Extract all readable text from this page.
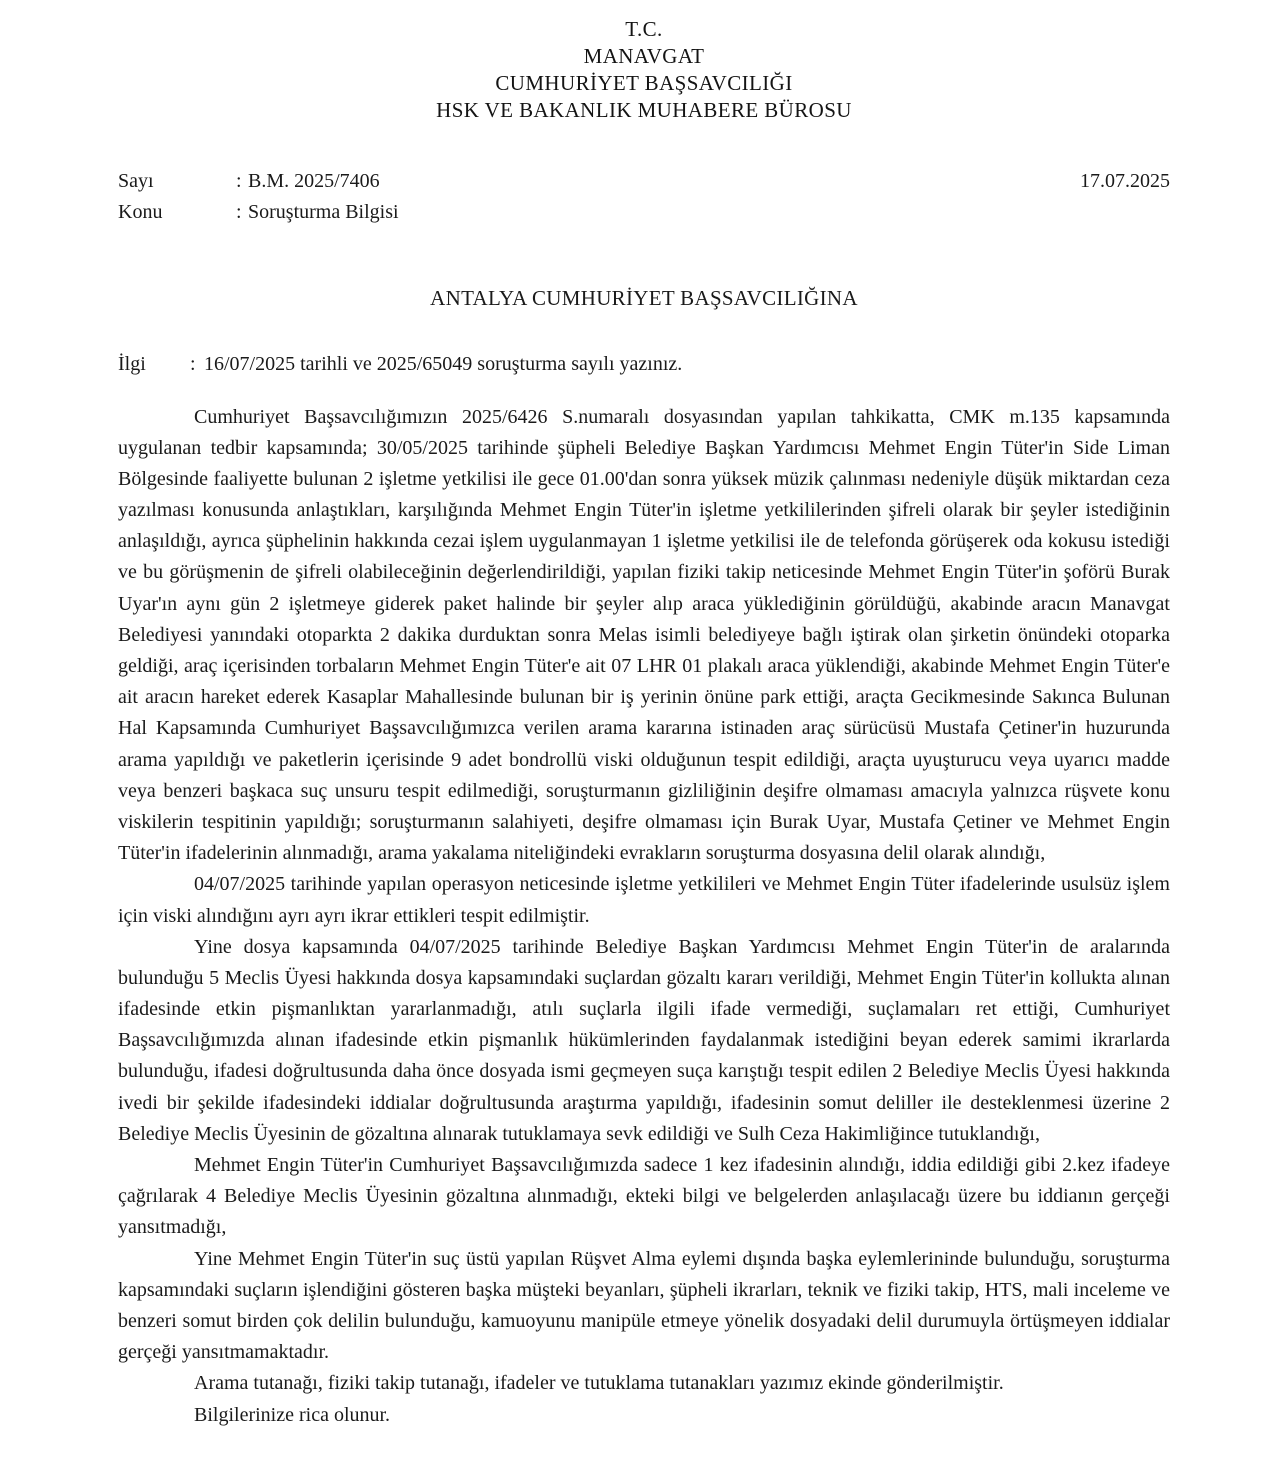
T.C.
MANAVGAT
CUMHURİYET BAŞSAVCILIĞI
HSK VE BAKANLIK MUHABERE BÜROSU
Sayı	: B.M. 2025/7406
Konu	: Soruşturma Bilgisi
17.07.2025
ANTALYA CUMHURİYET BAŞSAVCILIĞINA
İlgi	: 16/07/2025 tarihli ve 2025/65049 soruşturma sayılı yazınız.

Cumhuriyet Başsavcılığımızın 2025/6426 S.numaralı dosyasından yapılan tahkikatta, CMK m.135 kapsamında uygulanan tedbir kapsamında; 30/05/2025 tarihinde şüpheli Belediye Başkan Yardımcısı Mehmet Engin Tüter'in Side Liman Bölgesinde faaliyette bulunan 2 işletme yetkilisi ile gece 01.00'dan sonra yüksek müzik çalınması nedeniyle düşük miktardan ceza yazılması konusunda anlaştıkları, karşılığında Mehmet Engin Tüter'in işletme yetkililerinden şifreli olarak bir şeyler istediğinin anlaşıldığı, ayrıca şüphelinin hakkında cezai işlem uygulanmayan 1 işletme yetkilisi ile de telefonda görüşerek oda kokusu istediği ve bu görüşmenin de şifreli olabileceğinin değerlendirildiği, yapılan fiziki takip neticesinde Mehmet Engin Tüter'in şoförü Burak Uyar'ın aynı gün 2 işletmeye giderek paket halinde bir şeyler alıp araca yüklediğinin görüldüğü, akabinde aracın Manavgat Belediyesi yanındaki otoparkta 2 dakika durduktan sonra Melas isimli belediyeye bağlı iştirak olan şirketin önündeki otoparka geldiği, araç içerisinden torbaların Mehmet Engin Tüter'e ait 07 LHR 01 plakalı araca yüklendiği, akabinde Mehmet Engin Tüter'e ait aracın hareket ederek Kasaplar Mahallesinde bulunan bir iş yerinin önüne park ettiği, araçta Gecikmesinde Sakınca Bulunan Hal Kapsamında Cumhuriyet Başsavcılığımızca verilen arama kararına istinaden araç sürücüsü Mustafa Çetiner'in huzurunda arama yapıldığı ve paketlerin içerisinde 9 adet bondrollü viski olduğunun tespit edildiği, araçta uyuşturucu veya uyarıcı madde veya benzeri başkaca suç unsuru tespit edilmediği, soruşturmanın gizliliğinin deşifre olmaması amacıyla yalnızca rüşvete konu viskilerin tespitinin yapıldığı; soruşturmanın salahiyeti, deşifre olmaması için Burak Uyar, Mustafa Çetiner ve Mehmet Engin Tüter'in ifadelerinin alınmadığı, arama yakalama niteliğindeki evrakların soruşturma dosyasına delil olarak alındığı,

04/07/2025 tarihinde yapılan operasyon neticesinde işletme yetkilileri ve Mehmet Engin Tüter ifadelerinde usulsüz işlem için viski alındığını ayrı ayrı ikrar ettikleri tespit edilmiştir.

Yine dosya kapsamında 04/07/2025 tarihinde Belediye Başkan Yardımcısı Mehmet Engin Tüter'in de aralarında bulunduğu 5 Meclis Üyesi hakkında dosya kapsamındaki suçlardan gözaltı kararı verildiği, Mehmet Engin Tüter'in kollukta alınan ifadesinde etkin pişmanlıktan yararlanmadığı, atılı suçlarla ilgili ifade vermediği, suçlamaları ret ettiği, Cumhuriyet Başsavcılığımızda alınan ifadesinde etkin pişmanlık hükümlerinden faydalanmak istediğini beyan ederek samimi ikrarlarda bulunduğu, ifadesi doğrultusunda daha önce dosyada ismi geçmeyen suça karıştığı tespit edilen 2 Belediye Meclis Üyesi hakkında ivedi bir şekilde ifadesindeki iddialar doğrultusunda araştırma yapıldığı, ifadesinin somut deliller ile desteklenmesi üzerine 2 Belediye Meclis Üyesinin de gözaltına alınarak tutuklamaya sevk edildiği ve Sulh Ceza Hakimliğince tutuklandığı,

Mehmet Engin Tüter'in Cumhuriyet Başsavcılığımızda sadece 1 kez ifadesinin alındığı, iddia edildiği gibi 2.kez ifadeye çağrılarak 4 Belediye Meclis Üyesinin gözaltına alınmadığı, ekteki bilgi ve belgelerden anlaşılacağı üzere bu iddianın gerçeği yansıtmadığı,

Yine Mehmet Engin Tüter'in suç üstü yapılan Rüşvet Alma eylemi dışında başka eylemlerininde bulunduğu, soruşturma kapsamındaki suçların işlendiğini gösteren başka müşteki beyanları, şüpheli ikrarları, teknik ve fiziki takip, HTS, mali inceleme ve benzeri somut birden çok delilin bulunduğu, kamuoyunu manipüle etmeye yönelik dosyadaki delil durumuyla örtüşmeyen iddialar gerçeği yansıtmamaktadır.

Arama tutanağı, fiziki takip tutanağı, ifadeler ve tutuklama tutanakları yazımız ekinde gönderilmiştir.

Bilgilerinize rica olunur.
